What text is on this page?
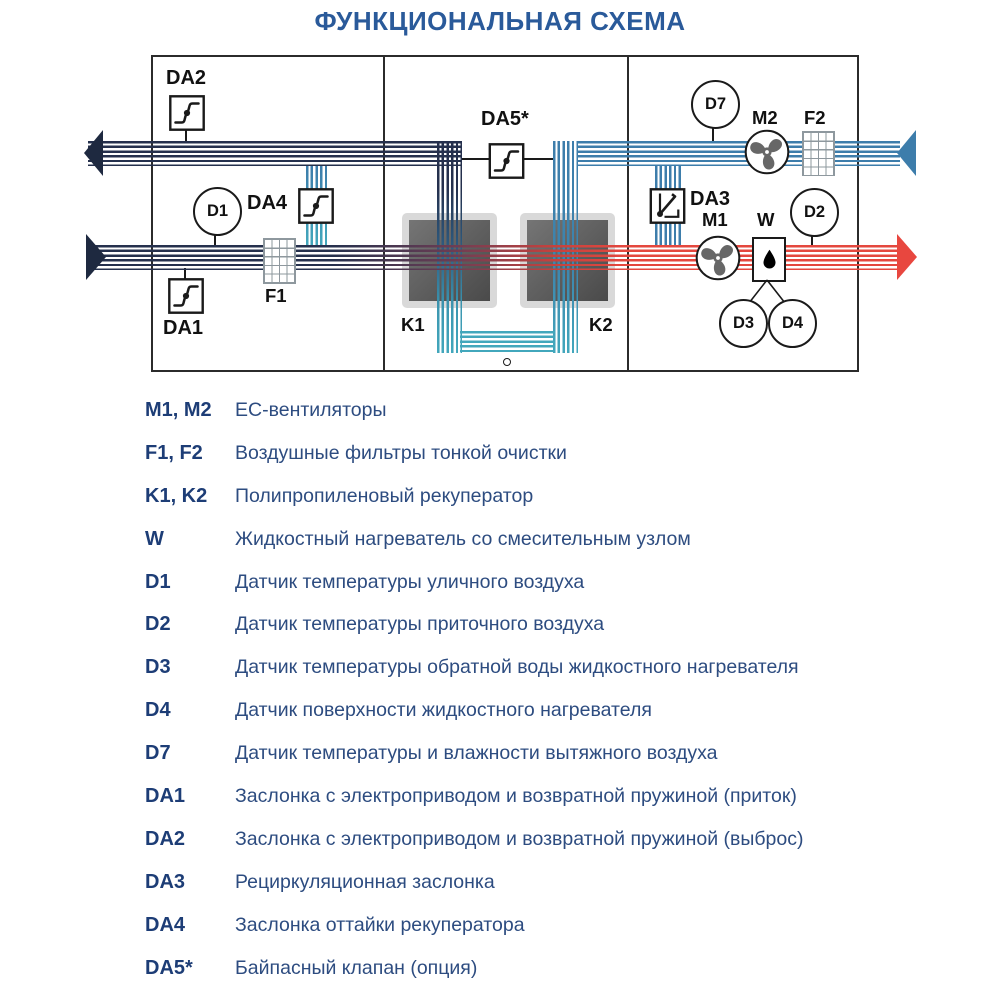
ФУНКЦИОНАЛЬНАЯ СХЕМА
D1
D7
D2
D3 D4
DA2
DA1
DA4
DA5*
DA3
F1
F2
M2
M1 W
K1	K2
M1, M2	ЕС-вентиляторы
F1, F2	Воздушные фильтры тонкой очистки
K1, K2	Полипропиленовый рекуператор
W	Жидкостный нагреватель со смесительным узлом
D1	Датчик температуры уличного воздуха
D2	Датчик температуры приточного воздуха
D3	Датчик температуры обратной воды жидкостного нагревателя
D4	Датчик поверхности жидкостного нагревателя
D7	Датчик температуры и влажности вытяжного воздуха
DA1	Заслонка с электроприводом и возвратной пружиной (приток)
DA2	Заслонка с электроприводом и возвратной пружиной (выброс)
DA3	Рециркуляционная заслонка
DA4	Заслонка оттайки рекуператора
DA5*	Байпасный клапан (опция)
